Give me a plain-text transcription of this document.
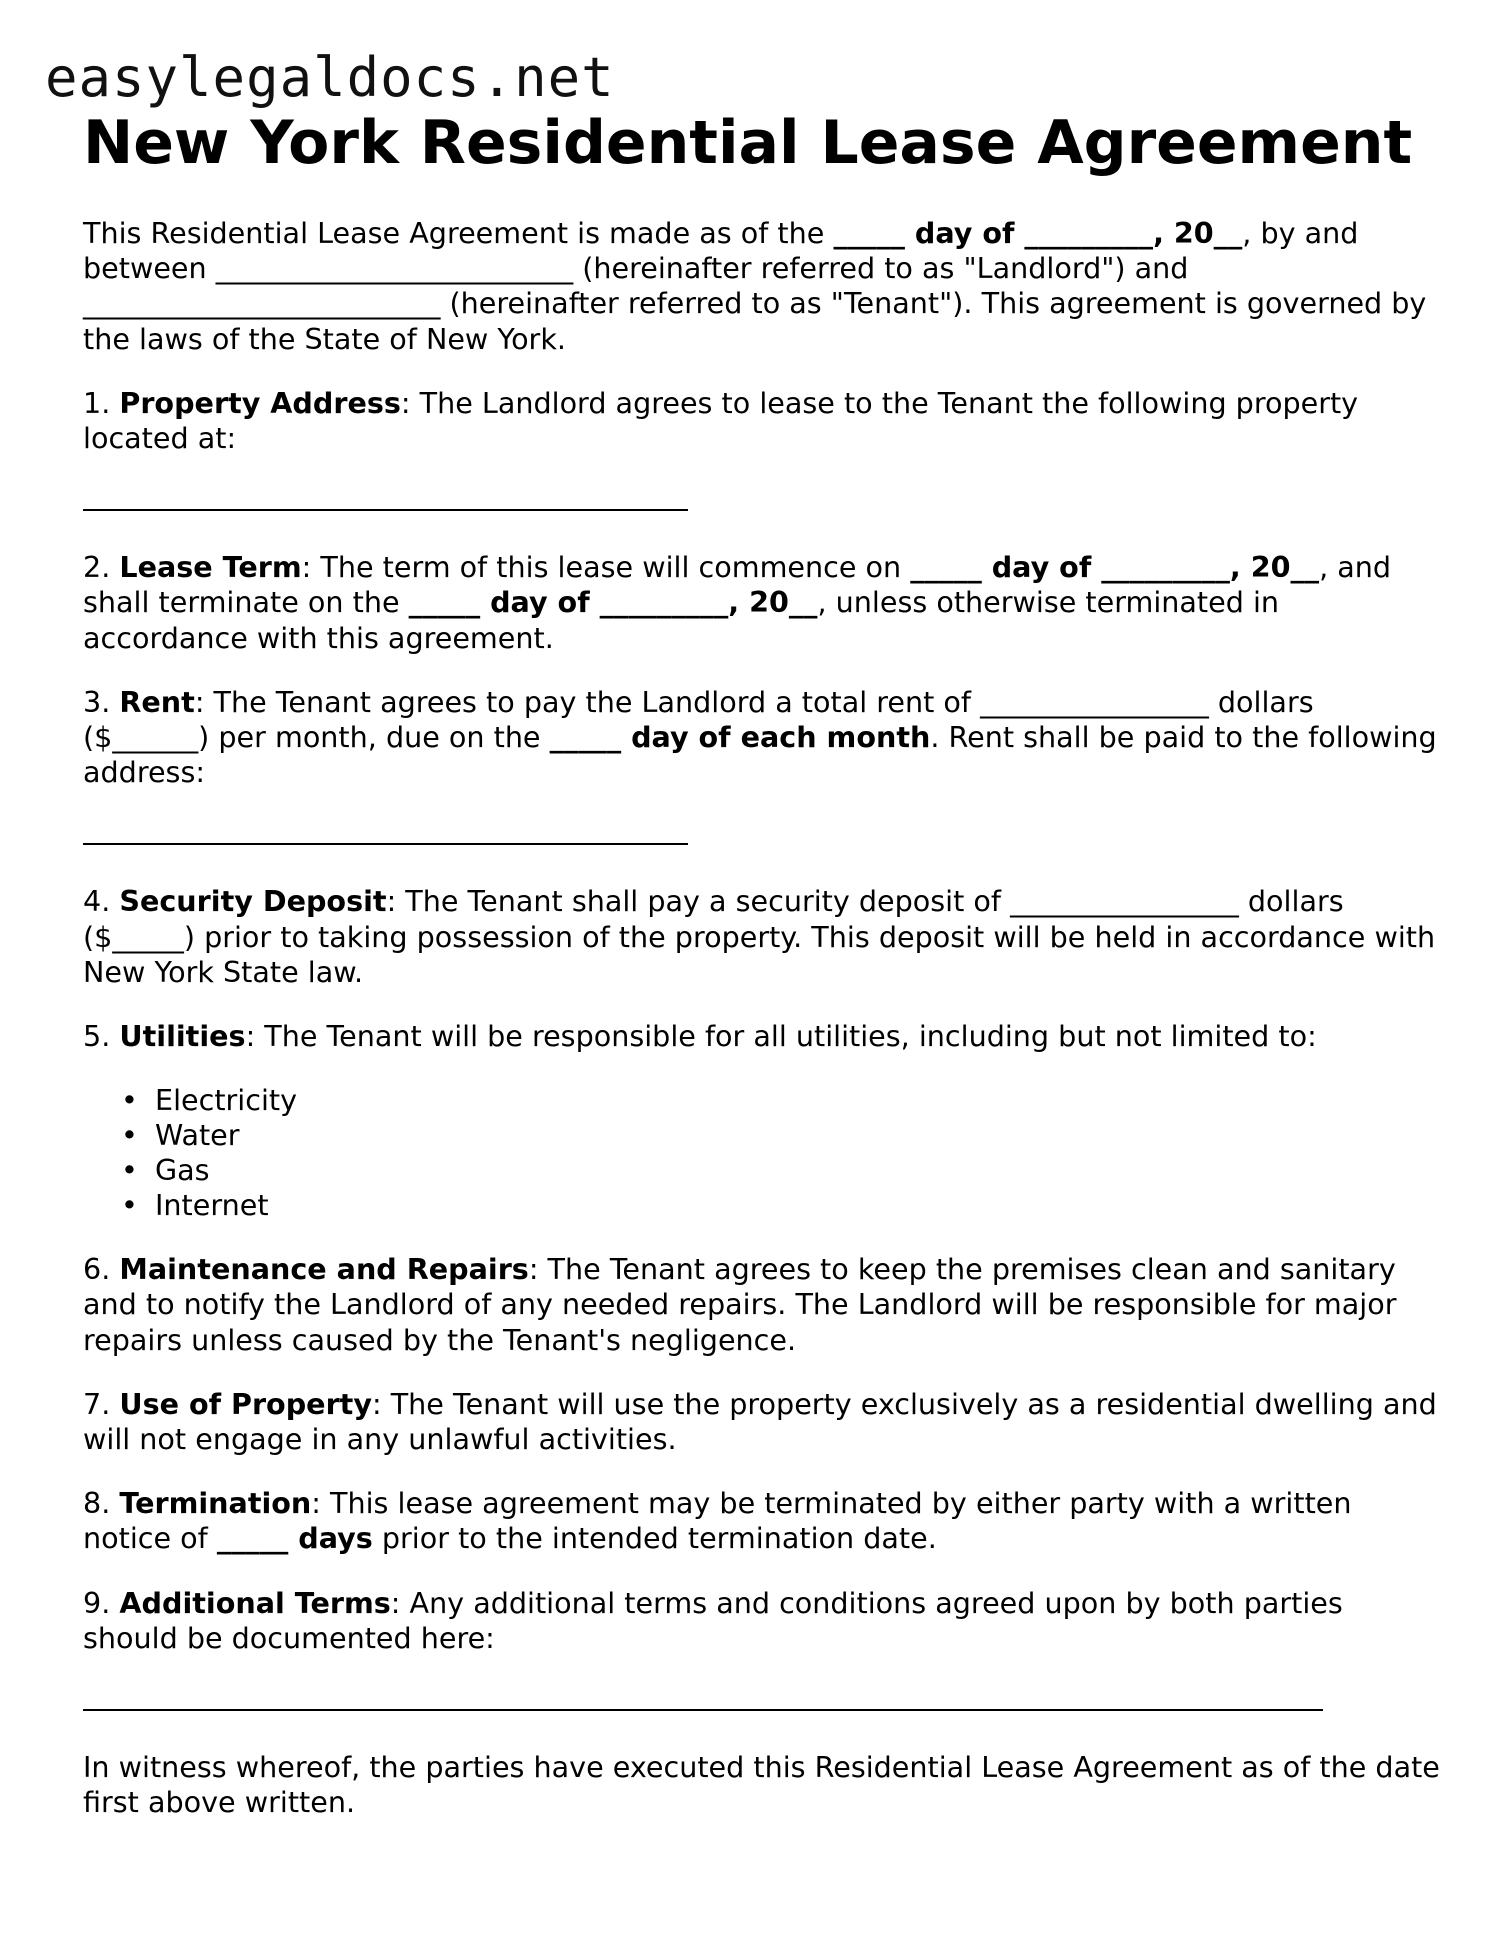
easylegaldocs.net
New York Residential Lease Agreement

This Residential Lease Agreement is made as of the _____ day of _________, 20__, by and between _________________________ (hereinafter referred to as "Landlord") and _________________________ (hereinafter referred to as "Tenant"). This agreement is governed by the laws of the State of New York.

1. Property Address: The Landlord agrees to lease to the Tenant the following property located at:

2. Lease Term: The term of this lease will commence on _____ day of _________, 20__, and shall terminate on the _____ day of _________, 20__, unless otherwise terminated in accordance with this agreement.

3. Rent: The Tenant agrees to pay the Landlord a total rent of ________________ dollars ($______) per month, due on the _____ day of each month. Rent shall be paid to the following address:

4. Security Deposit: The Tenant shall pay a security deposit of ________________ dollars ($_____) prior to taking possession of the property. This deposit will be held in accordance with New York State law.

5. Utilities: The Tenant will be responsible for all utilities, including but not limited to:

• Electricity
• Water
• Gas
• Internet

6. Maintenance and Repairs: The Tenant agrees to keep the premises clean and sanitary and to notify the Landlord of any needed repairs. The Landlord will be responsible for major repairs unless caused by the Tenant's negligence.

7. Use of Property: The Tenant will use the property exclusively as a residential dwelling and will not engage in any unlawful activities.

8. Termination: This lease agreement may be terminated by either party with a written notice of _____ days prior to the intended termination date.

9. Additional Terms: Any additional terms and conditions agreed upon by both parties should be documented here:

In witness whereof, the parties have executed this Residential Lease Agreement as of the date first above written.
